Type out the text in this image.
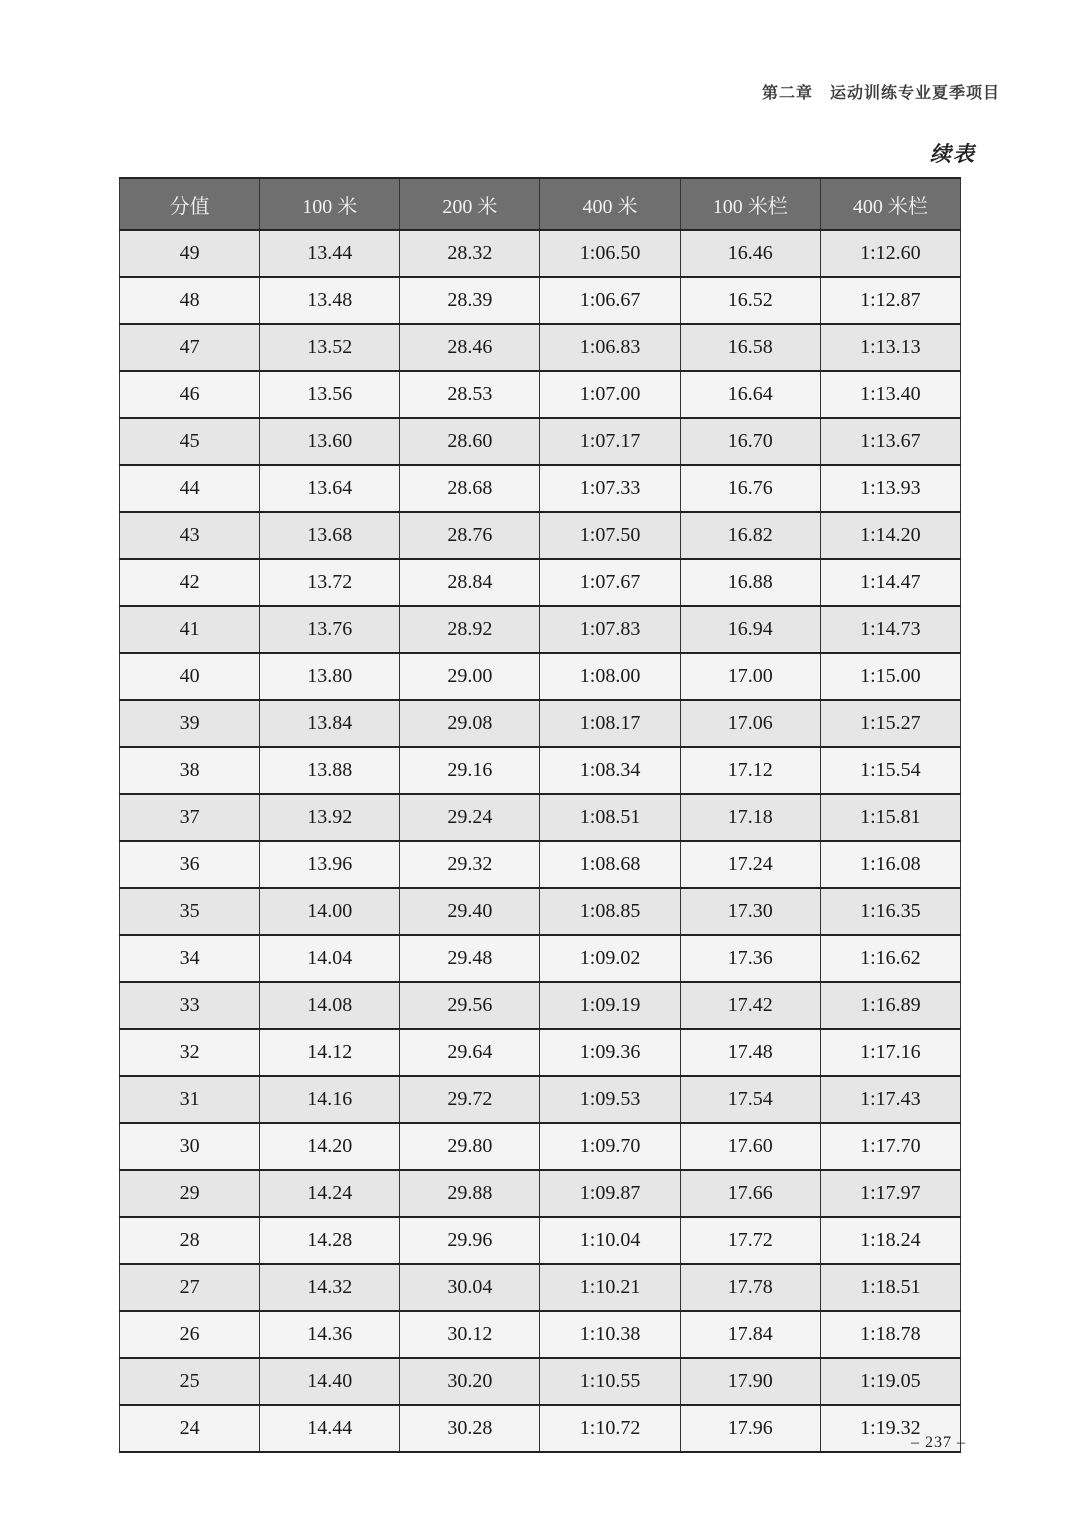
第二章　运动训练专业夏季项目
续表
分值	100 米	200 米	400 米	100 米栏	400 米栏
49	13.44	28.32	1:06.50	16.46	1:12.60
48	13.48	28.39	1:06.67	16.52	1:12.87
47	13.52	28.46	1:06.83	16.58	1:13.13
46	13.56	28.53	1:07.00	16.64	1:13.40
45	13.60	28.60	1:07.17	16.70	1:13.67
44	13.64	28.68	1:07.33	16.76	1:13.93
43	13.68	28.76	1:07.50	16.82	1:14.20
42	13.72	28.84	1:07.67	16.88	1:14.47
41	13.76	28.92	1:07.83	16.94	1:14.73
40	13.80	29.00	1:08.00	17.00	1:15.00
39	13.84	29.08	1:08.17	17.06	1:15.27
38	13.88	29.16	1:08.34	17.12	1:15.54
37	13.92	29.24	1:08.51	17.18	1:15.81
36	13.96	29.32	1:08.68	17.24	1:16.08
35	14.00	29.40	1:08.85	17.30	1:16.35
34	14.04	29.48	1:09.02	17.36	1:16.62
33	14.08	29.56	1:09.19	17.42	1:16.89
32	14.12	29.64	1:09.36	17.48	1:17.16
31	14.16	29.72	1:09.53	17.54	1:17.43
30	14.20	29.80	1:09.70	17.60	1:17.70
29	14.24	29.88	1:09.87	17.66	1:17.97
28	14.28	29.96	1:10.04	17.72	1:18.24
27	14.32	30.04	1:10.21	17.78	1:18.51
26	14.36	30.12	1:10.38	17.84	1:18.78
25	14.40	30.20	1:10.55	17.90	1:19.05
24	14.44	30.28	1:10.72	17.96	1:19.32
– 237 –
